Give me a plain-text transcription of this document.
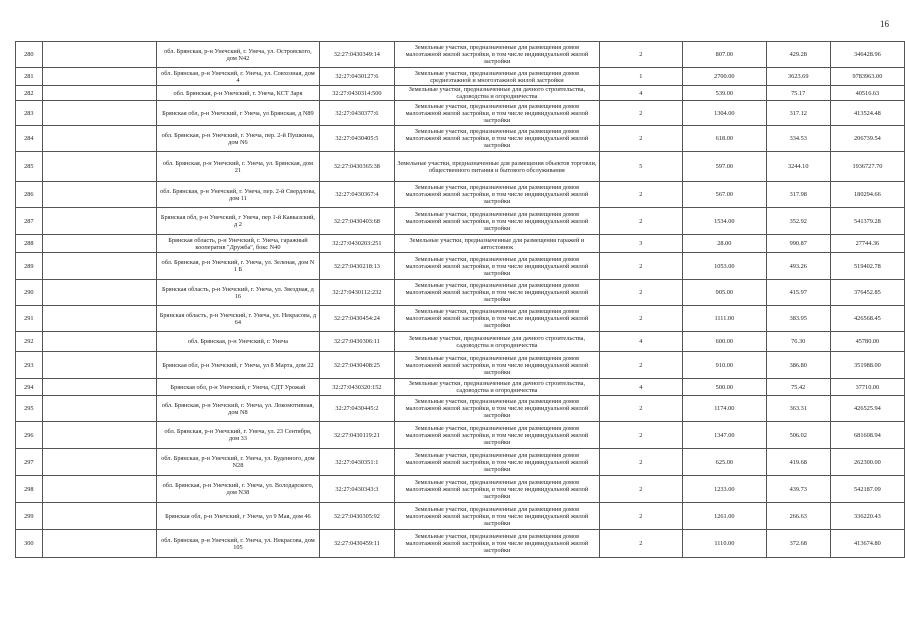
16
280		обл. Брянская, р-н Унечский, г. Унеча, ул. Островского, дом N42	32:27:0430349:14	Земельные участки, предназначенные для размещения домов малоэтажной жилой застройки, в том числе индивидуальной жилой застройки	2	807.00	429.28	346428.96
281		обл. Брянская, р-н Унечский, г. Унеча, ул. Совхозная, дом 4	32:27:0430127:6	Земельные участки, предназначенные для размещения домов среднеэтажной и многоэтажной жилой застройки	1	2700.00	3623.69	9783963.00
282		обл. Брянская, р-н Унечский, г. Унеча, КСТ Заря	32:27:0430314:500	Земельные участки, предназначенные для дачного строительства, садоводства и огородничества	4	539.00	75.17	40516.63
283		Брянская обл, р-н Унечский, г Унеча, ул Брянская, д N89	32:27:0430377:6	Земельные участки, предназначенные для размещения домов малоэтажной жилой застройки, в том числе индивидуальной жилой застройки	2	1304.00	317.12	413524.48
284		обл. Брянская, р-н Унечский, г. Унеча, пер. 2-й Пушкина, дом N6	32:27:0430405:5	Земельные участки, предназначенные для размещения домов малоэтажной жилой застройки, в том числе индивидуальной жилой застройки	2	618.00	334.53	206739.54
285		обл. Брянская, р-н Унечский, г. Унеча, ул. Брянская, дом 21	32:27:0430365:38	Земельные участки, предназначенные для размещения объектов торговли, общественного питания и бытового обслуживания	5	597.00	3244.10	1936727.70
286		обл. Брянская, р-н Унечский, г. Унеча, пер. 2-й Свердлова, дом 11	32:27:0430367:4	Земельные участки, предназначенные для размещения домов малоэтажной жилой застройки, в том числе индивидуальной жилой застройки	2	567.00	317.98	180294.66
287		Брянская обл, р-н Унечский, г Унеча, пер 1-й Кавказский, д 2	32:27:0430403:68	Земельные участки, предназначенные для размещения домов малоэтажной жилой застройки, в том числе индивидуальной жилой застройки	2	1534.00	352.92	541379.28
288		Брянская область, р-н Унечский, г. Унеча, гаражный кооператив "Дружба", бокс N40	32:27:0430203:251	Земельные участки, предназначенные для размещения гаражей и автостоянок	3	28.00	990.87	27744.36
289		обл. Брянская, р-н Унечский, г. Унеча, ул. Зеленая, дом N 1 Б	32:27:0430218:13	Земельные участки, предназначенные для размещения домов малоэтажной жилой застройки, в том числе индивидуальной жилой застройки	2	1053.00	493.26	519402.78
290		Брянская область, р-н Унечский, г. Унеча, ул. Звездная, д 16	32:27:0430112:232	Земельные участки, предназначенные для размещения домов малоэтажной жилой застройки, в том числе индивидуальной жилой застройки	2	905.00	415.97	376452.85
291		Брянская область, р-н Унечский, г. Унеча, ул. Некрасова, д 64	32:27:0430454:24	Земельные участки, предназначенные для размещения домов малоэтажной жилой застройки, в том числе индивидуальной жилой застройки	2	1111.00	383.95	426568.45
292		обл. Брянская, р-н Унечский, г. Унеча	32:27:0430306:11	Земельные участки, предназначенные для дачного строительства, садоводства и огородничества	4	600.00	76.30	45780.00
293		Брянская обл, р-н Унечский, г Унеча, ул 8 Марта, дом 22	32:27:0430408:25	Земельные участки, предназначенные для размещения домов малоэтажной жилой застройки, в том числе индивидуальной жилой застройки	2	910.00	386.80	351988.00
294		Брянская обл, р-н Унечский, г Унеча, СДТ Урожай	32:27:0430320:152	Земельные участки, предназначенные для дачного строительства, садоводства и огородничества	4	500.00	75.42	37710.00
295		обл. Брянская, р-н Унечский, г. Унеча, ул. Локомотивная, дом N8	32:27:0430445:2	Земельные участки, предназначенные для размещения домов малоэтажной жилой застройки, в том числе индивидуальной жилой застройки	2	1174.00	363.31	426525.94
296		обл. Брянская, р-н Унечский, г. Унеча, ул. 23 Сентября, дом 33	32:27:0430119:21	Земельные участки, предназначенные для размещения домов малоэтажной жилой застройки, в том числе индивидуальной жилой застройки	2	1347.00	506.02	681608.94
297		обл. Брянская, р-н Унечский, г. Унеча, ул. Буденного, дом N28	32:27:0430351:1	Земельные участки, предназначенные для размещения домов малоэтажной жилой застройки, в том числе индивидуальной жилой застройки	2	625.00	419.68	262300.00
298		обл. Брянская, р-н Унечский, г. Унеча, ул. Володарского, дом N38	32:27:0430343:3	Земельные участки, предназначенные для размещения домов малоэтажной жилой застройки, в том числе индивидуальной жилой застройки	2	1233.00	439.73	542187.09
299		Брянская обл, р-н Унечский, г Унеча, ул 9 Мая, дом 46	32:27:0430305:92	Земельные участки, предназначенные для размещения домов малоэтажной жилой застройки, в том числе индивидуальной жилой застройки	2	1261.00	266.63	336220.43
300		обл. Брянская, р-н Унечский, г. Унеча, ул. Некрасова, дом 105	32:27:0430459:11	Земельные участки, предназначенные для размещения домов малоэтажной жилой застройки, в том числе индивидуальной жилой застройки	2	1110.00	372.68	413674.80
